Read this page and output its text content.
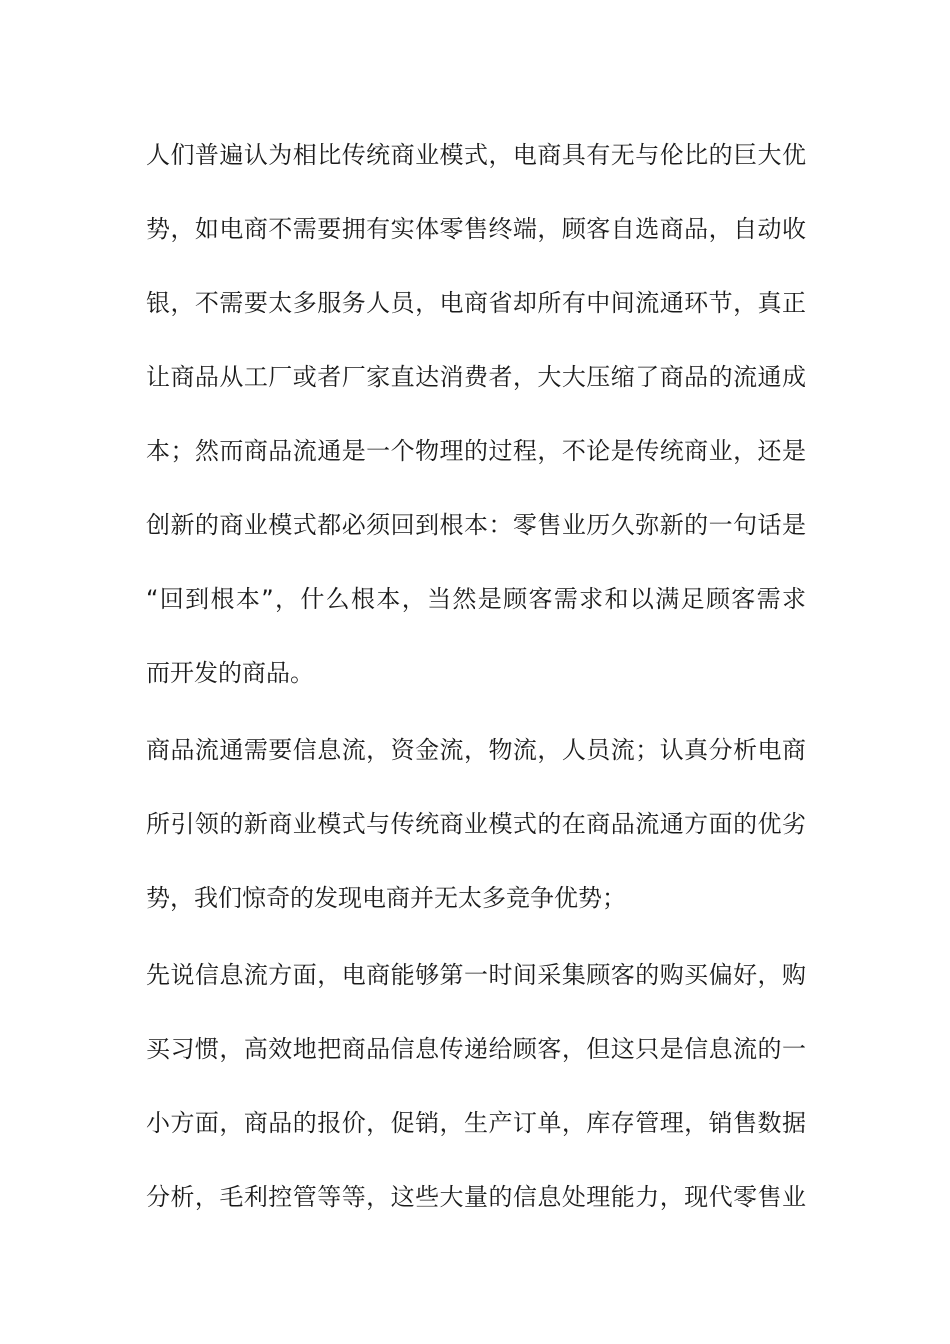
人们普遍认为相比传统商业模式，电商具有无与伦比的巨大优
势，如电商不需要拥有实体零售终端，顾客自选商品，自动收
银，不需要太多服务人员，电商省却所有中间流通环节，真正
让商品从工厂或者厂家直达消费者，大大压缩了商品的流通成
本；然而商品流通是一个物理的过程，不论是传统商业，还是
创新的商业模式都必须回到根本：零售业历久弥新的一句话是
“回到根本”，什么根本，当然是顾客需求和以满足顾客需求
而开发的商品。
商品流通需要信息流，资金流，物流，人员流；认真分析电商
所引领的新商业模式与传统商业模式的在商品流通方面的优劣
势，我们惊奇的发现电商并无太多竞争优势；
先说信息流方面，电商能够第一时间采集顾客的购买偏好，购
买习惯，高效地把商品信息传递给顾客，但这只是信息流的一
小方面，商品的报价，促销，生产订单，库存管理，销售数据
分析，毛利控管等等，这些大量的信息处理能力，现代零售业
